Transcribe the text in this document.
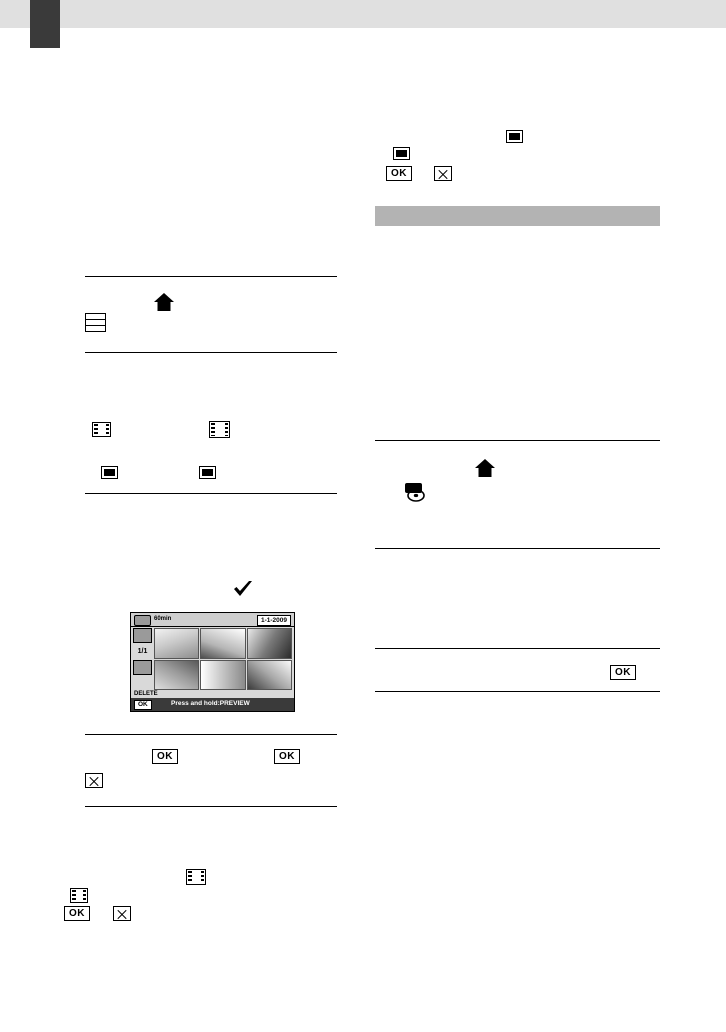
60min	1-1-2009
1/1
DELETE
OK	Press and hold:PREVIEW
OK	OK
OK
OK
OK
